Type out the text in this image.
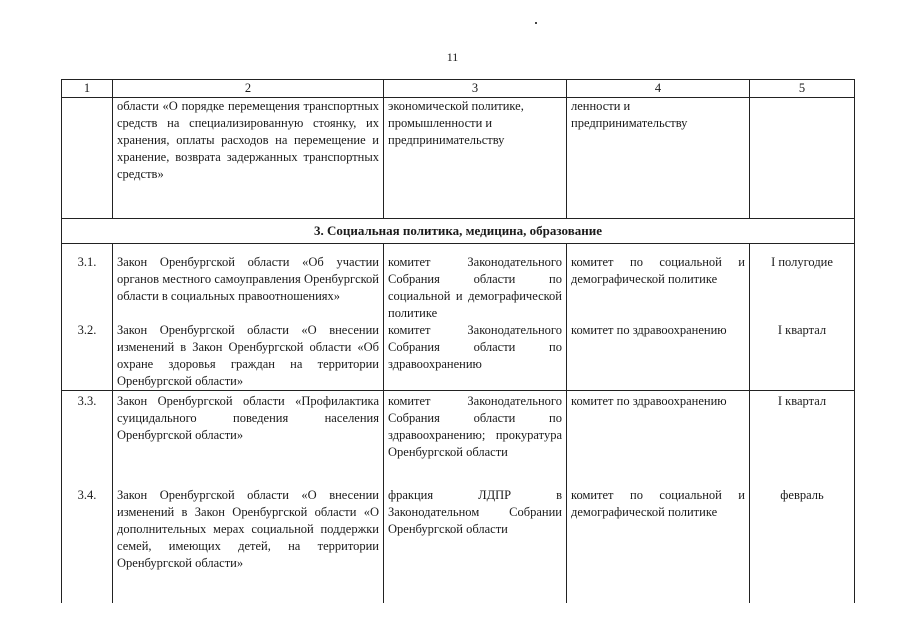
11
1	2	3	4	5
	области «О порядке перемещения транспортных средств на специализированную стоянку, их хранения, оплаты расходов на перемещение и хранение, возврата задержанных транспортных средств»	экономической политике, промышленности и предпринимательству	ленности и предпринимательству	
3. Социальная политика, медицина, образование				
3.1.	Закон Оренбургской области «Об участии органов местного самоуправления Оренбургской области в социальных правоотношениях»	комитет Законодательного Собрания области по социальной и демографической политике	комитет по социальной и демографической политике	I полугодие
3.2.	Закон Оренбургской области «О внесении изменений в Закон Оренбургской области «Об охране здоровья граждан на территории Оренбургской области»	комитет Законодательного Собрания области по здравоохранению	комитет по здравоохранению	I квартал
3.3.	Закон Оренбургской области «Профилактика суицидального поведения населения Оренбургской области»	комитет Законодательного Собрания области по здравоохранению; прокуратура Оренбургской области	комитет по здравоохранению	I квартал
3.4.	Закон Оренбургской области «О внесении изменений в Закон Оренбургской области «О дополнительных мерах социальной поддержки семей, имеющих детей, на территории Оренбургской области»	фракция ЛДПР в Законодательном Собрании Оренбургской области	комитет по социальной и демографической политике	февраль
